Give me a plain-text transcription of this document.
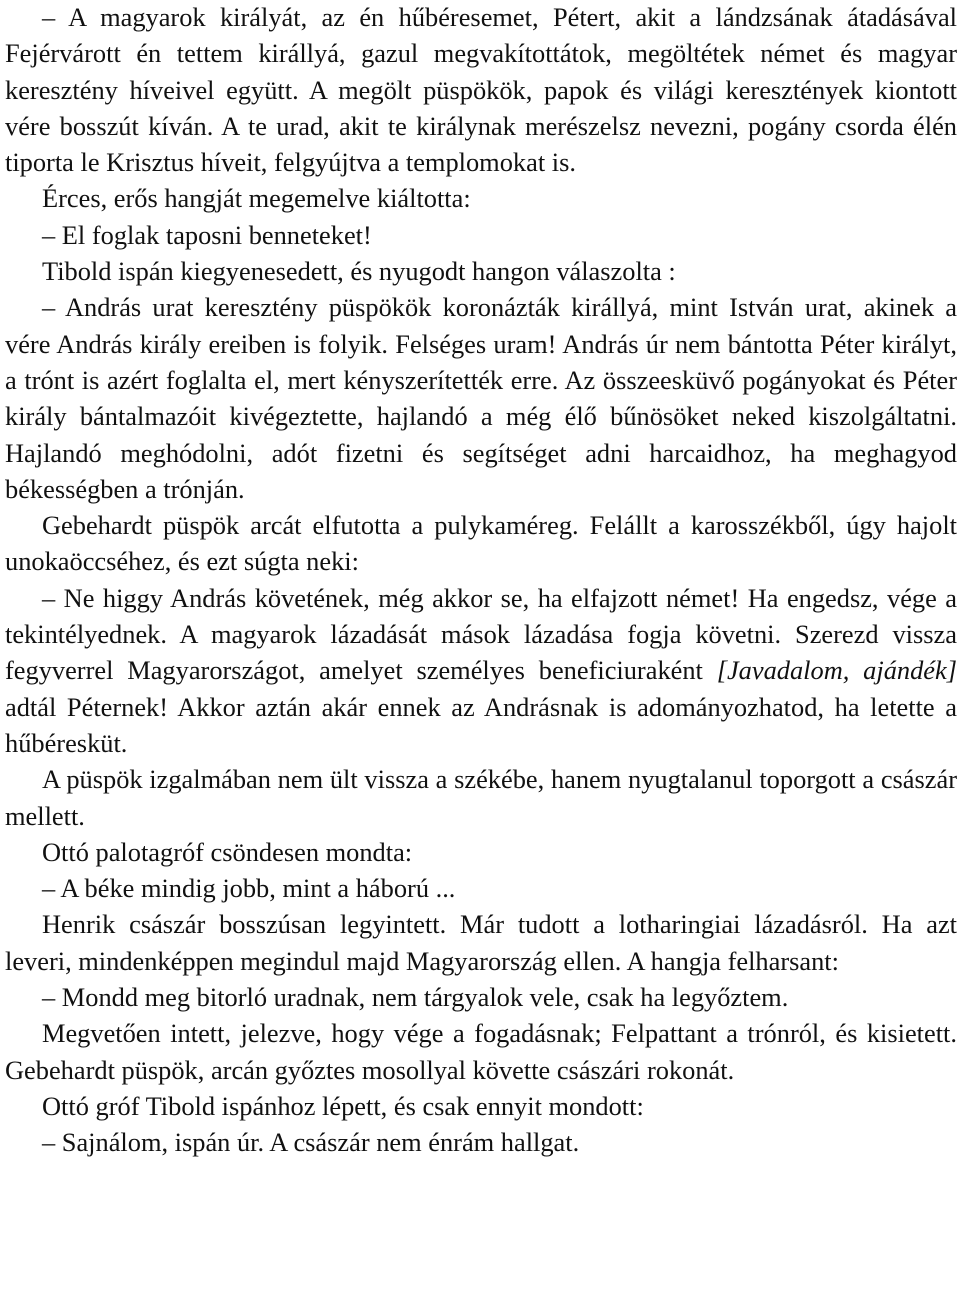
– A magyarok királyát, az én hűbéresemet, Pétert, akit a lándzsának átadásával Fejérvárott én tettem királlyá, gazul megvakítottátok, megöltétek német és magyar keresztény híveivel együtt. A megölt püspökök, papok és világi keresztények kiontott vére bosszút kíván. A te urad, akit te királynak merészelsz nevezni, pogány csorda élén tiporta le Krisztus híveit, felgyújtva a templomokat is.

Érces, erős hangját megemelve kiáltotta:

– El foglak taposni benneteket!

Tibold ispán kiegyenesedett, és nyugodt hangon válaszolta :

– András urat keresztény püspökök koronázták királlyá, mint István urat, akinek a vére András király ereiben is folyik. Felséges uram! András úr nem bántotta Péter királyt, a trónt is azért foglalta el, mert kényszerítették erre. Az összeesküvő pogányokat és Péter király bántalmazóit kivégeztette, hajlandó a még élő bűnösöket neked kiszolgáltatni. Hajlandó meghódolni, adót fizetni és segítséget adni harcaidhoz, ha meghagyod békességben a trónján.

Gebehardt püspök arcát elfutotta a pulykaméreg. Felállt a karosszékből, úgy hajolt unokaöccséhez, és ezt súgta neki:

– Ne higgy András követének, még akkor se, ha elfajzott német! Ha engedsz, vége a tekintélyednek. A magyarok lázadását mások lázadása fogja követni. Szerezd vissza fegyverrel Magyarországot, amelyet személyes beneficiuraként [Javadalom, ajándék] adtál Péternek! Akkor aztán akár ennek az Andrásnak is adományozhatod, ha letette a hűbéresküt.

A püspök izgalmában nem ült vissza a székébe, hanem nyugtalanul toporgott a császár mellett.

Ottó palotagróf csöndesen mondta:

– A béke mindig jobb, mint a háború ...

Henrik császár bosszúsan legyintett. Már tudott a lotharingiai lázadásról. Ha azt leveri, mindenképpen megindul majd Magyarország ellen. A hangja felharsant:

– Mondd meg bitorló uradnak, nem tárgyalok vele, csak ha legyőztem.

Megvetően intett, jelezve, hogy vége a fogadásnak; Felpattant a trónról, és kisietett. Gebehardt püspök, arcán győztes mosollyal követte császári rokonát.

Ottó gróf Tibold ispánhoz lépett, és csak ennyit mondott:

– Sajnálom, ispán úr. A császár nem énrám hallgat.
